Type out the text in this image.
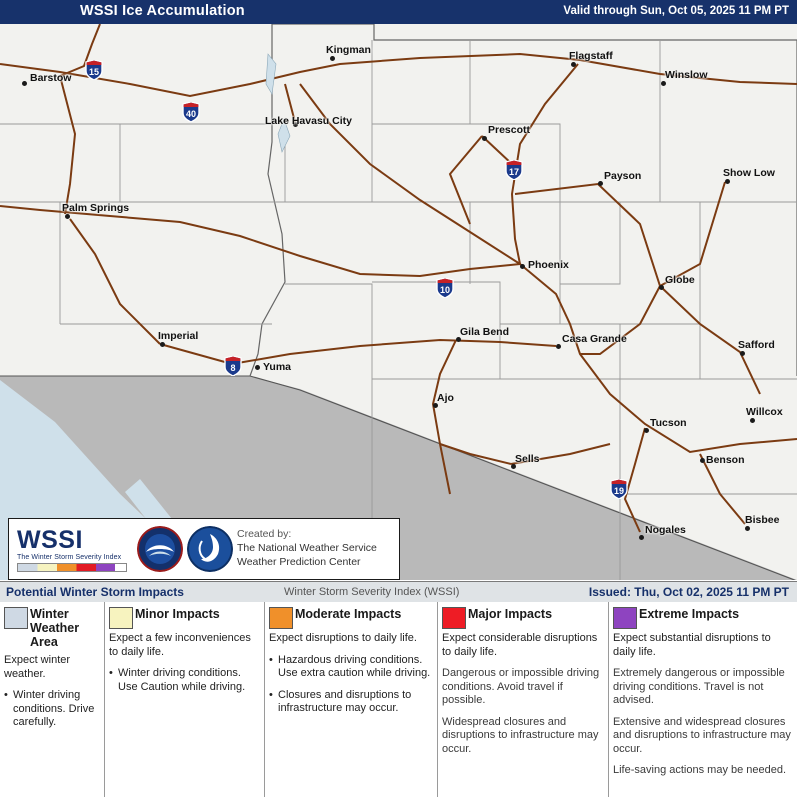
WSSI Ice Accumulation	Valid through Sun, Oct 05, 2025 11 PM PT
15
40
17
10
8
19
Barstow
Kingman	Flagstaff
Winslow
Lake Havasu City
Prescott
Payson	Show Low
Palm Springs
Phoenix
Globe
Gila Bend
Casa Grande	Safford
Imperial
Yuma
Ajo
Tucson
Willcox
Sells	Benson
Nogales
Bisbee
WSSI
The Winter Storm Severity Index
Created by:
The National Weather Service
Weather Prediction Center
Potential Winter Storm Impacts	Winter Storm Severity Index (WSSI)	Issued: Thu, Oct 02, 2025 11 PM PT
Winter Weather Area

Expect winter weather.

• Winter driving conditions. Drive carefully.

Minor Impacts

Expect a few inconveniences to daily life.

• Winter driving conditions. Use Caution while driving.

Moderate Impacts

Expect disruptions to daily life.

• Hazardous driving conditions. Use extra caution while driving.

• Closures and disruptions to infrastructure may occur.

Major Impacts

Expect considerable disruptions to daily life.

Dangerous or impossible driving conditions. Avoid travel if possible.

Widespread closures and disruptions to infrastructure may occur.

Extreme Impacts

Expect substantial disruptions to daily life.

Extremely dangerous or impossible driving conditions. Travel is not advised.

Extensive and widespread closures and disruptions to infrastructure may occur.

Life-saving actions may be needed.
